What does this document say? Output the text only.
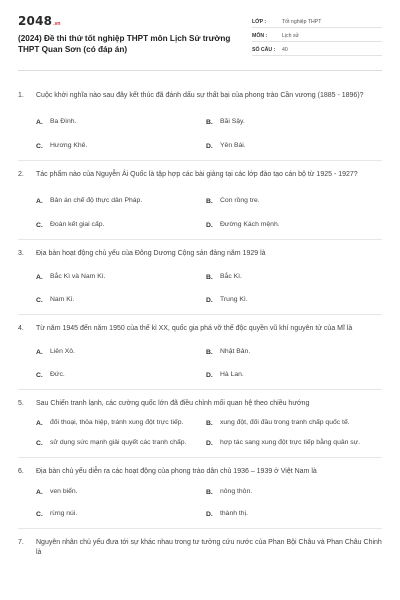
2048 .vn
(2024) Đề thi thử tốt nghiệp THPT môn Lịch Sử trường THPT Quan Sơn (có đáp án)
LỚP :	Tốt nghiệp THPT
MÔN :	Lịch sử
SỐ CÂU :	40
1.	Cuộc khởi nghĩa nào sau đây kết thúc đã đánh dấu sự thất bại của phong trào Cần vương (1885 - 1896)?
A.	Ba Đình.	B.	Bãi Sậy.
C.	Hương Khê.	D.	Yên Bái.
2.	Tác phẩm nào của Nguyễn Ái Quốc là tập hợp các bài giảng tại các lớp đào tạo cán bộ từ 1925 - 1927?
A.	Bản án chế độ thực dân Pháp.	B.	Con rồng tre.
C.	Đoàn kết giai cấp.	D.	Đường Kách mệnh.
3.	Địa bàn hoạt động chủ yếu của Đông Dương Cộng sản đảng năm 1929 là
A.	Bắc Kì và Nam Kì.	B.	Bắc Kì.
C.	Nam Kì.	D.	Trung Kì.
4.	Từ năm 1945 đến năm 1950 của thế kỉ XX, quốc gia phá vỡ thế độc quyền vũ khí nguyên tử của Mĩ là
A.	Liên Xô.	B.	Nhật Bản.
C.	Đức.	D.	Hà Lan.
5.	Sau Chiến tranh lạnh, các cường quốc lớn đã điều chỉnh mối quan hệ theo chiều hướng
A.	đối thoại, thỏa hiệp, tránh xung đột trực tiếp.	B.	xung đột, đối đầu trong tranh chấp quốc tế.
C.	sử dụng sức mạnh giải quyết các tranh chấp.	D.	hợp tác sang xung đột trực tiếp bằng quân sự.
6.	Địa bàn chủ yếu diễn ra các hoạt động của phong trào dân chủ 1936 – 1939 ở Việt Nam là
A.	ven biển.	B.	nông thôn.
C.	rừng núi.	D.	thành thị.
7.	Nguyên nhân chủ yếu đưa tới sự khác nhau trong tư tưởng cứu nước của Phan Bội Châu và Phan Châu Chinh là
